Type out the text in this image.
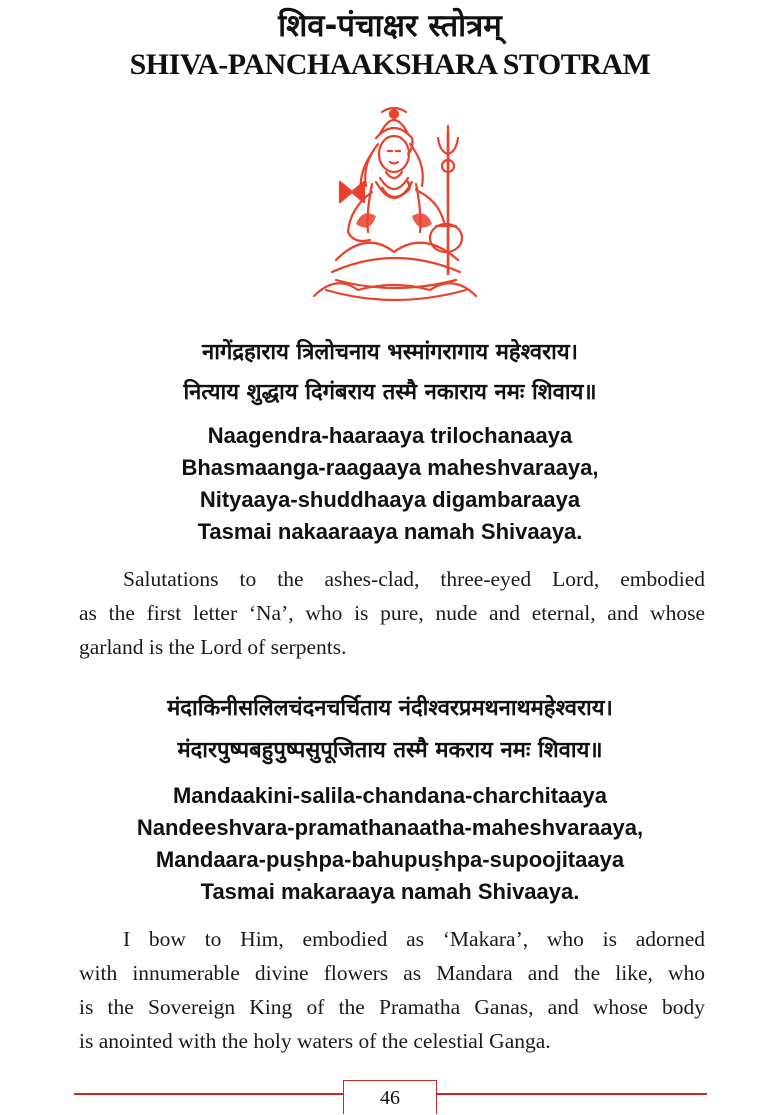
शिव-पंचाक्षर स्तोत्रम्
SHIVA-PANCHAAKSHARA STOTRAM
नागेंद्रहाराय त्रिलोचनाय भस्मांगरागाय महेश्वराय।
नित्याय शुद्धाय दिगंबराय तस्मै नकाराय नमः शिवाय॥
Naagendra-haaraaya trilochanaaya
Bhasmaanga-raagaaya maheshvaraaya,
Nityaaya-shuddhaaya digambaraaya
Tasmai nakaaraaya namah Shivaaya.
Salutations to the ashes-clad, three-eyed Lord, embodied
as the first letter ‘Na’, who is pure, nude and eternal, and whose
garland is the Lord of serpents.
मंदाकिनीसलिलचंदनचर्चिताय नंदीश्वरप्रमथनाथमहेश्वराय।
मंदारपुष्पबहुपुष्पसुपूजिताय तस्मै मकराय नमः शिवाय॥
Mandaakini-salila-chandana-charchitaaya
Nandeeshvara-pramathanaatha-maheshvaraaya,
Mandaara-puṣhpa-bahupuṣhpa-supoojitaaya
Tasmai makaraaya namah Shivaaya.
I bow to Him, embodied as ‘Makara’, who is adorned
with innumerable divine flowers as Mandara and the like, who
is the Sovereign King of the Pramatha Ganas, and whose body
is anointed with the holy waters of the celestial Ganga.
46
